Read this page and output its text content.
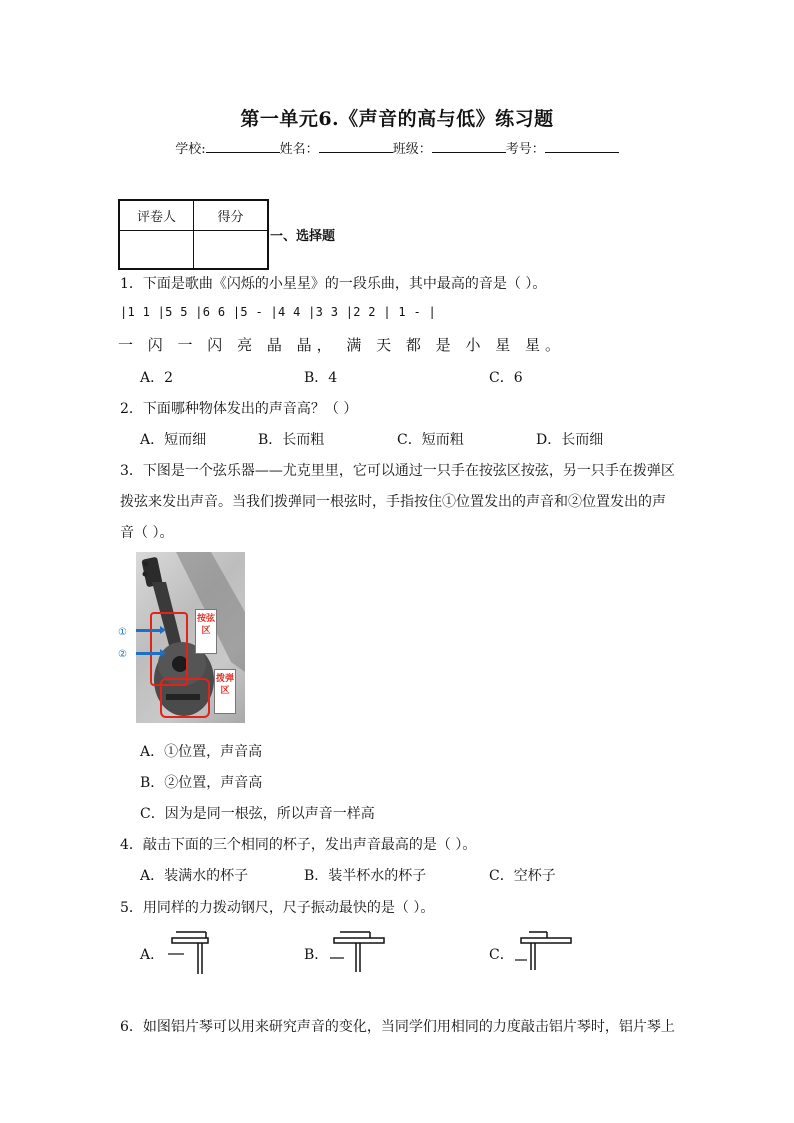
第一单元6.《声音的高与低》练习题
学校:	姓名：	班级：	考号：
评卷人	得分

一、选择题
1．下面是歌曲《闪烁的小星星》的一段乐曲，其中最高的音是（ ）。
|1 1 |5 5 |6 6 |5 - |4 4 |3 3 |2 2 | 1 - |
一 闪 一 闪 亮 晶 晶， 满 天 都 是 小 星 星。
A．2	B．4	C．6
2．下面哪种物体发出的声音高？（ ）
A．短而细	B．长而粗	C．短而粗	D．长而细
3．下图是一个弦乐器——尤克里里，它可以通过一只手在按弦区按弦，另一只手在拨弹区
拨弦来发出声音。当我们拨弹同一根弦时，手指按住①位置发出的声音和②位置发出的声
音（ ）。
按弦区
拨弹区
①
②
A．①位置，声音高
B．②位置，声音高
C．因为是同一根弦，所以声音一样高
4．敲击下面的三个相同的杯子，发出声音最高的是（ ）。
A．装满水的杯子	B．装半杯水的杯子	C．空杯子
5．用同样的力拨动钢尺，尺子振动最快的是（ ）。
A．	B．	C．
6．如图铝片琴可以用来研究声音的变化，当同学们用相同的力度敲击铝片琴时，铝片琴上
